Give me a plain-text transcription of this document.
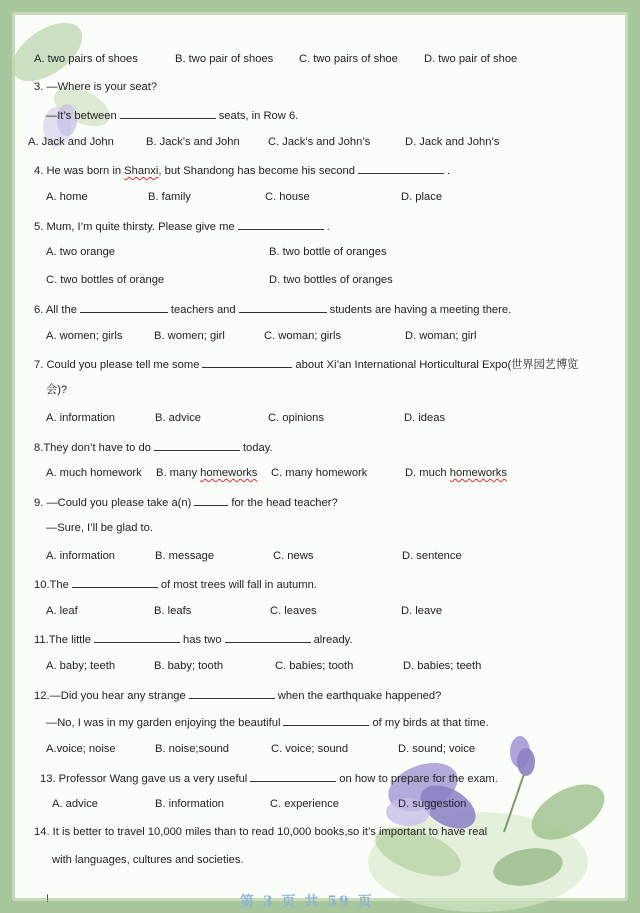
A. two pairs of shoes	B. two pair of shoes C. two pairs of shoe D. two pair of shoe
3. —Where is your seat?
—It’s between	seats, in Row 6.
A. Jack and John	B. Jack’s and John	C. Jack’s and John’s	D. Jack and John’s
4. He was born in Shanxi, but Shandong has become his second	.
A. home	B. family	C. house	D. place
5. Mum, I’m quite thirsty. Please give me	.
A. two orange	B. two bottle of oranges
C. two bottles of orange	D. two bottles of oranges
6. All the	teachers and	students are having a meeting there.
A. women; girls	B. women; girl	C. woman; girls	D. woman; girl
7. Could you please tell me some	about Xi’an International Horticultural Expo(世界园艺博览
会)?
A. information	B. advice	C. opinions	D. ideas
8.They don’t have to do	today.
A. much homework B. many homeworks C. many homework	D. much homeworks
9. —Could you please take a(n)	for the head teacher?
—Sure, I’ll be glad to.
A. information	B. message	C. news	D. sentence
10.The	of most trees will fall in autumn.
A. leaf	B. leafs	C. leaves	D. leave
11.The little	has two	already.
A. baby; teeth	B. baby; tooth	C. babies; tooth	D. babies; teeth
12.—Did you hear any strange	when the earthquake happened?
—No, I was in my garden enjoying the beautiful	of my birds at that time.
A.voice; noise	B. noise;sound	C. voice; sound	D. sound; voice
13. Professor Wang gave us a very useful	on how to prepare for the exam.
A. advice	B. information	C. experience	D. suggestion
14. It is better to travel 10,000 miles than to read 10,000 books,so it’s important to have real
with languages, cultures and societies.
第 3 页 共 59 页
!
